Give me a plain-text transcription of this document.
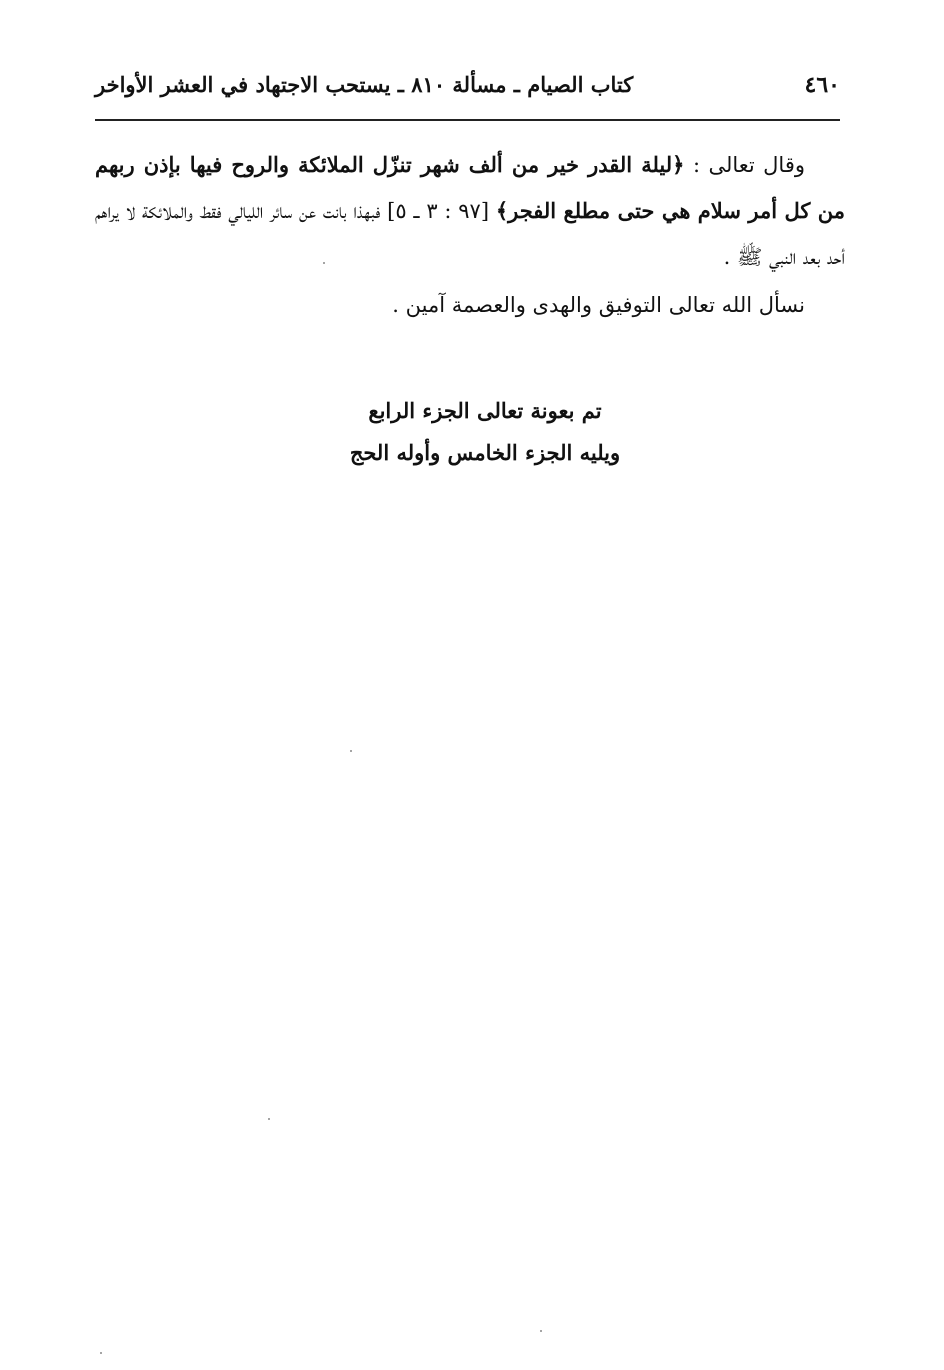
٤٦٠
كتاب الصيام ـ مسألة ٨١٠ ـ يستحب الاجتهاد في العشر الأواخر

وقال تعالى : ﴿ليلة القدر خير من ألف شهر تنزّل الملائكة والروح فيها بإذن ربهم من كل أمر سلام هي حتى مطلع الفجر﴾ [٩٧ : ٣ ـ ٥] فبهذا بانت عن سائر الليالي فقط والملائكة لا يراهم أحد بعد النبي ﷺ .

نسأل الله تعالى التوفيق والهدى والعصمة آمين .

تم بعونة تعالى الجزء الرابع
ويليه الجزء الخامس وأوله الحج
